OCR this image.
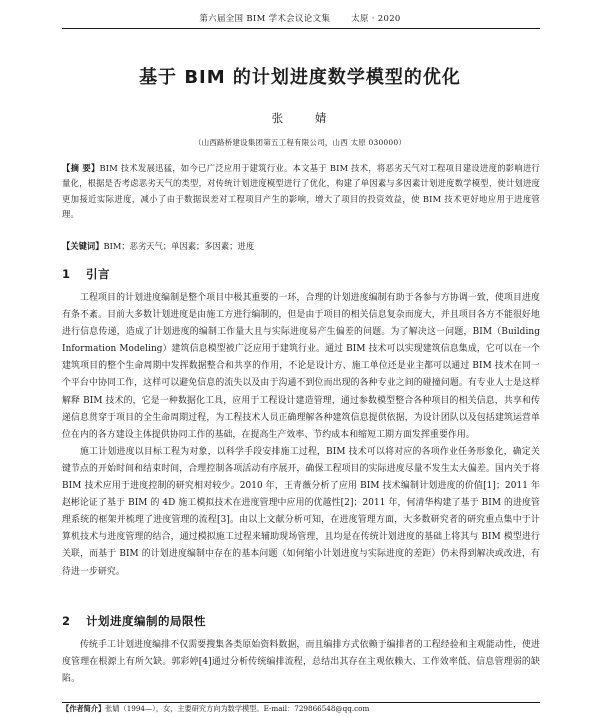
第六届全国 BIM 学术会议论文集 太原 · 2020
基于 BIM 的计划进度数学模型的优化
张 婧
（山西路桥建设集团第五工程有限公司，山西 太原 030000）
【摘 要】BIM 技术发展迅猛，如今已广泛应用于建筑行业。本文基于 BIM 技术，将恶劣天气对工程项目建设进度的影响进行量化，根据是否考虑恶劣天气的类型，对传统计划进度模型进行了优化，构建了单因素与多因素计划进度数学模型，使计划进度更加接近实际进度，减小了由于数据误差对工程项目产生的影响，增大了项目的投资效益，使 BIM 技术更好地应用于进度管理。
【关键词】BIM；恶劣天气；单因素；多因素；进度
1 引言

工程项目的计划进度编制是整个项目中极其重要的一环，合理的计划进度编制有助于各参与方协调一致，使项目进度有条不紊。目前大多数计划进度是由施工方进行编制的，但是由于项目的相关信息复杂而庞大，并且项目各方不能很好地进行信息传递，造成了计划进度的编制工作量大且与实际进度易产生偏差的问题。为了解决这一问题，BIM（Building Information Modeling）建筑信息模型被广泛应用于建筑行业。通过 BIM 技术可以实现建筑信息集成，它可以在一个建筑项目的整个生命周期中发挥数据整合和共享的作用，不论是设计方、施工单位还是业主都可以通过 BIM 技术在同一个平台中协同工作，这样可以避免信息的流失以及由于沟通不到位而出现的各种专业之间的碰撞问题。有专业人士是这样解释 BIM 技术的，它是一种数据化工具，应用于工程设计建造管理，通过参数模型整合各种项目的相关信息，共享和传递信息贯穿于项目的全生命周期过程，为工程技术人员正确理解各种建筑信息提供依据，为设计团队以及包括建筑运营单位在内的各方建设主体提供协同工作的基础，在提高生产效率、节约成本和缩短工期方面发挥重要作用。

施工计划进度以目标工程为对象，以科学手段安排施工过程，BIM 技术可以将对应的各项作业任务形象化，确定关键节点的开始时间和结束时间，合理控制各项活动有序展开，确保工程项目的实际进度尽量不发生太大偏差。国内关于将 BIM 技术应用于进度控制的研究相对较少。2010 年，王青薇分析了应用 BIM 技术编制计划进度的价值[1]；2011 年赵彬论证了基于 BIM 的 4D 施工模拟技术在进度管理中应用的优越性[2]；2011 年，何清华构建了基于 BIM 的进度管理系统的框架并梳理了进度管理的流程[3]。由以上文献分析可知，在进度管理方面，大多数研究者的研究重点集中于计算机技术与进度管理的结合，通过模拟施工过程来辅助现场管理，且均是在传统计划进度的基础上将其与 BIM 模型进行关联，而基于 BIM 的计划进度编制中存在的基本问题（如何缩小计划进度与实际进度的差距）仍未得到解决或改进，有待进一步研究。

2 计划进度编制的局限性

传统手工计划进度编排不仅需要搜集各类原始资料数据，而且编排方式依赖于编排者的工程经验和主观能动性，使进度管理在根源上有所欠缺。郭彩婷[4]通过分析传统编排流程，总结出其存在主观依赖大、工作效率低、信息管理弱的缺陷。

【作者简介】张婧（1994—），女，主要研究方向为数学模型。E-mail：729866548@qq.com
